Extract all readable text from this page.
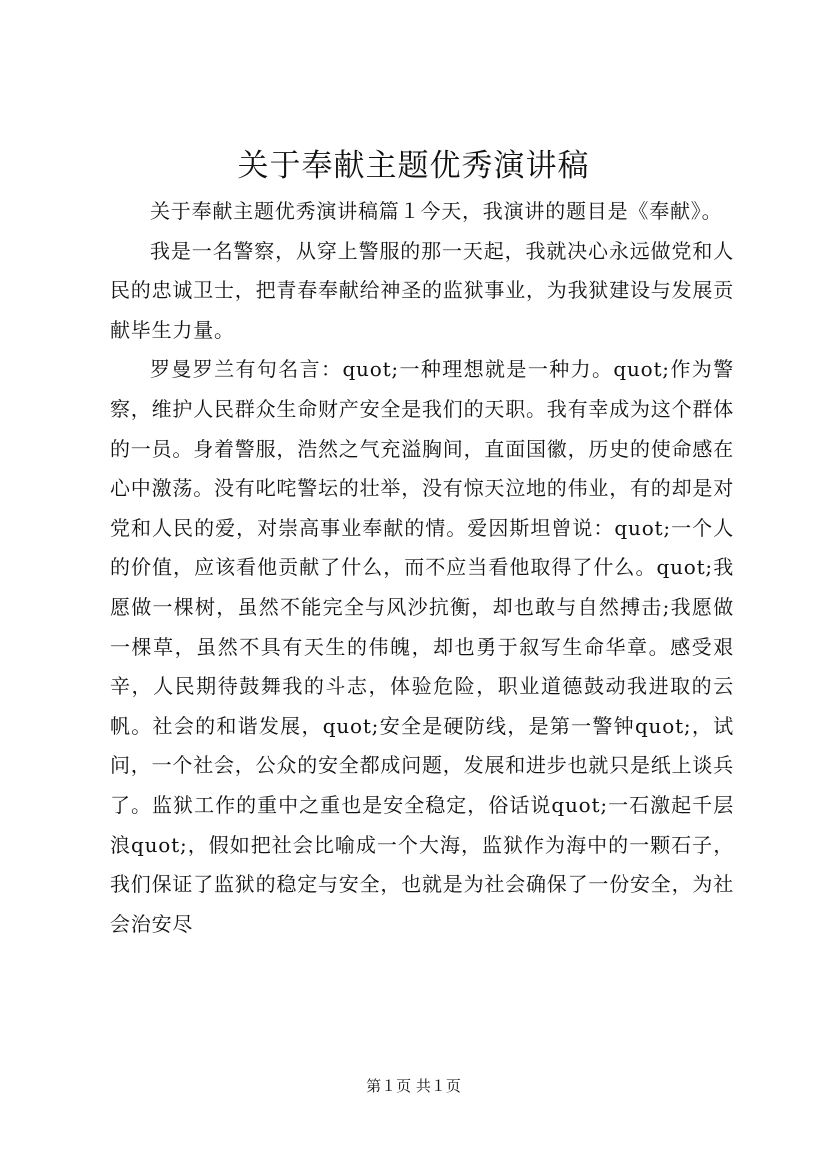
关于奉献主题优秀演讲稿

关于奉献主题优秀演讲稿篇１今天，我演讲的题目是《奉献》。

我是一名警察，从穿上警服的那一天起，我就决心永远做党和人民的忠诚卫士，把青春奉献给神圣的监狱事业，为我狱建设与发展贡献毕生力量。

罗曼罗兰有句名言：quot;一种理想就是一种力。quot;作为警察，维护人民群众生命财产安全是我们的天职。我有幸成为这个群体的一员。身着警服，浩然之气充溢胸间，直面国徽，历史的使命感在心中激荡。没有叱咤警坛的壮举，没有惊天泣地的伟业，有的却是对党和人民的爱，对崇高事业奉献的情。爱因斯坦曾说：quot;一个人的价值，应该看他贡献了什么，而不应当看他取得了什么。quot;我愿做一棵树，虽然不能完全与风沙抗衡，却也敢与自然搏击;我愿做一棵草，虽然不具有天生的伟魄，却也勇于叙写生命华章。感受艰辛，人民期待鼓舞我的斗志，体验危险，职业道德鼓动我进取的云帆。社会的和谐发展，quot;安全是硬防线，是第一警钟quot;，试问，一个社会，公众的安全都成问题，发展和进步也就只是纸上谈兵了。监狱工作的重中之重也是安全稳定，俗话说quot;一石激起千层浪quot;，假如把社会比喻成一个大海，监狱作为海中的一颗石子，我们保证了监狱的稳定与安全，也就是为社会确保了一份安全，为社会治安尽

第１页 共１页
